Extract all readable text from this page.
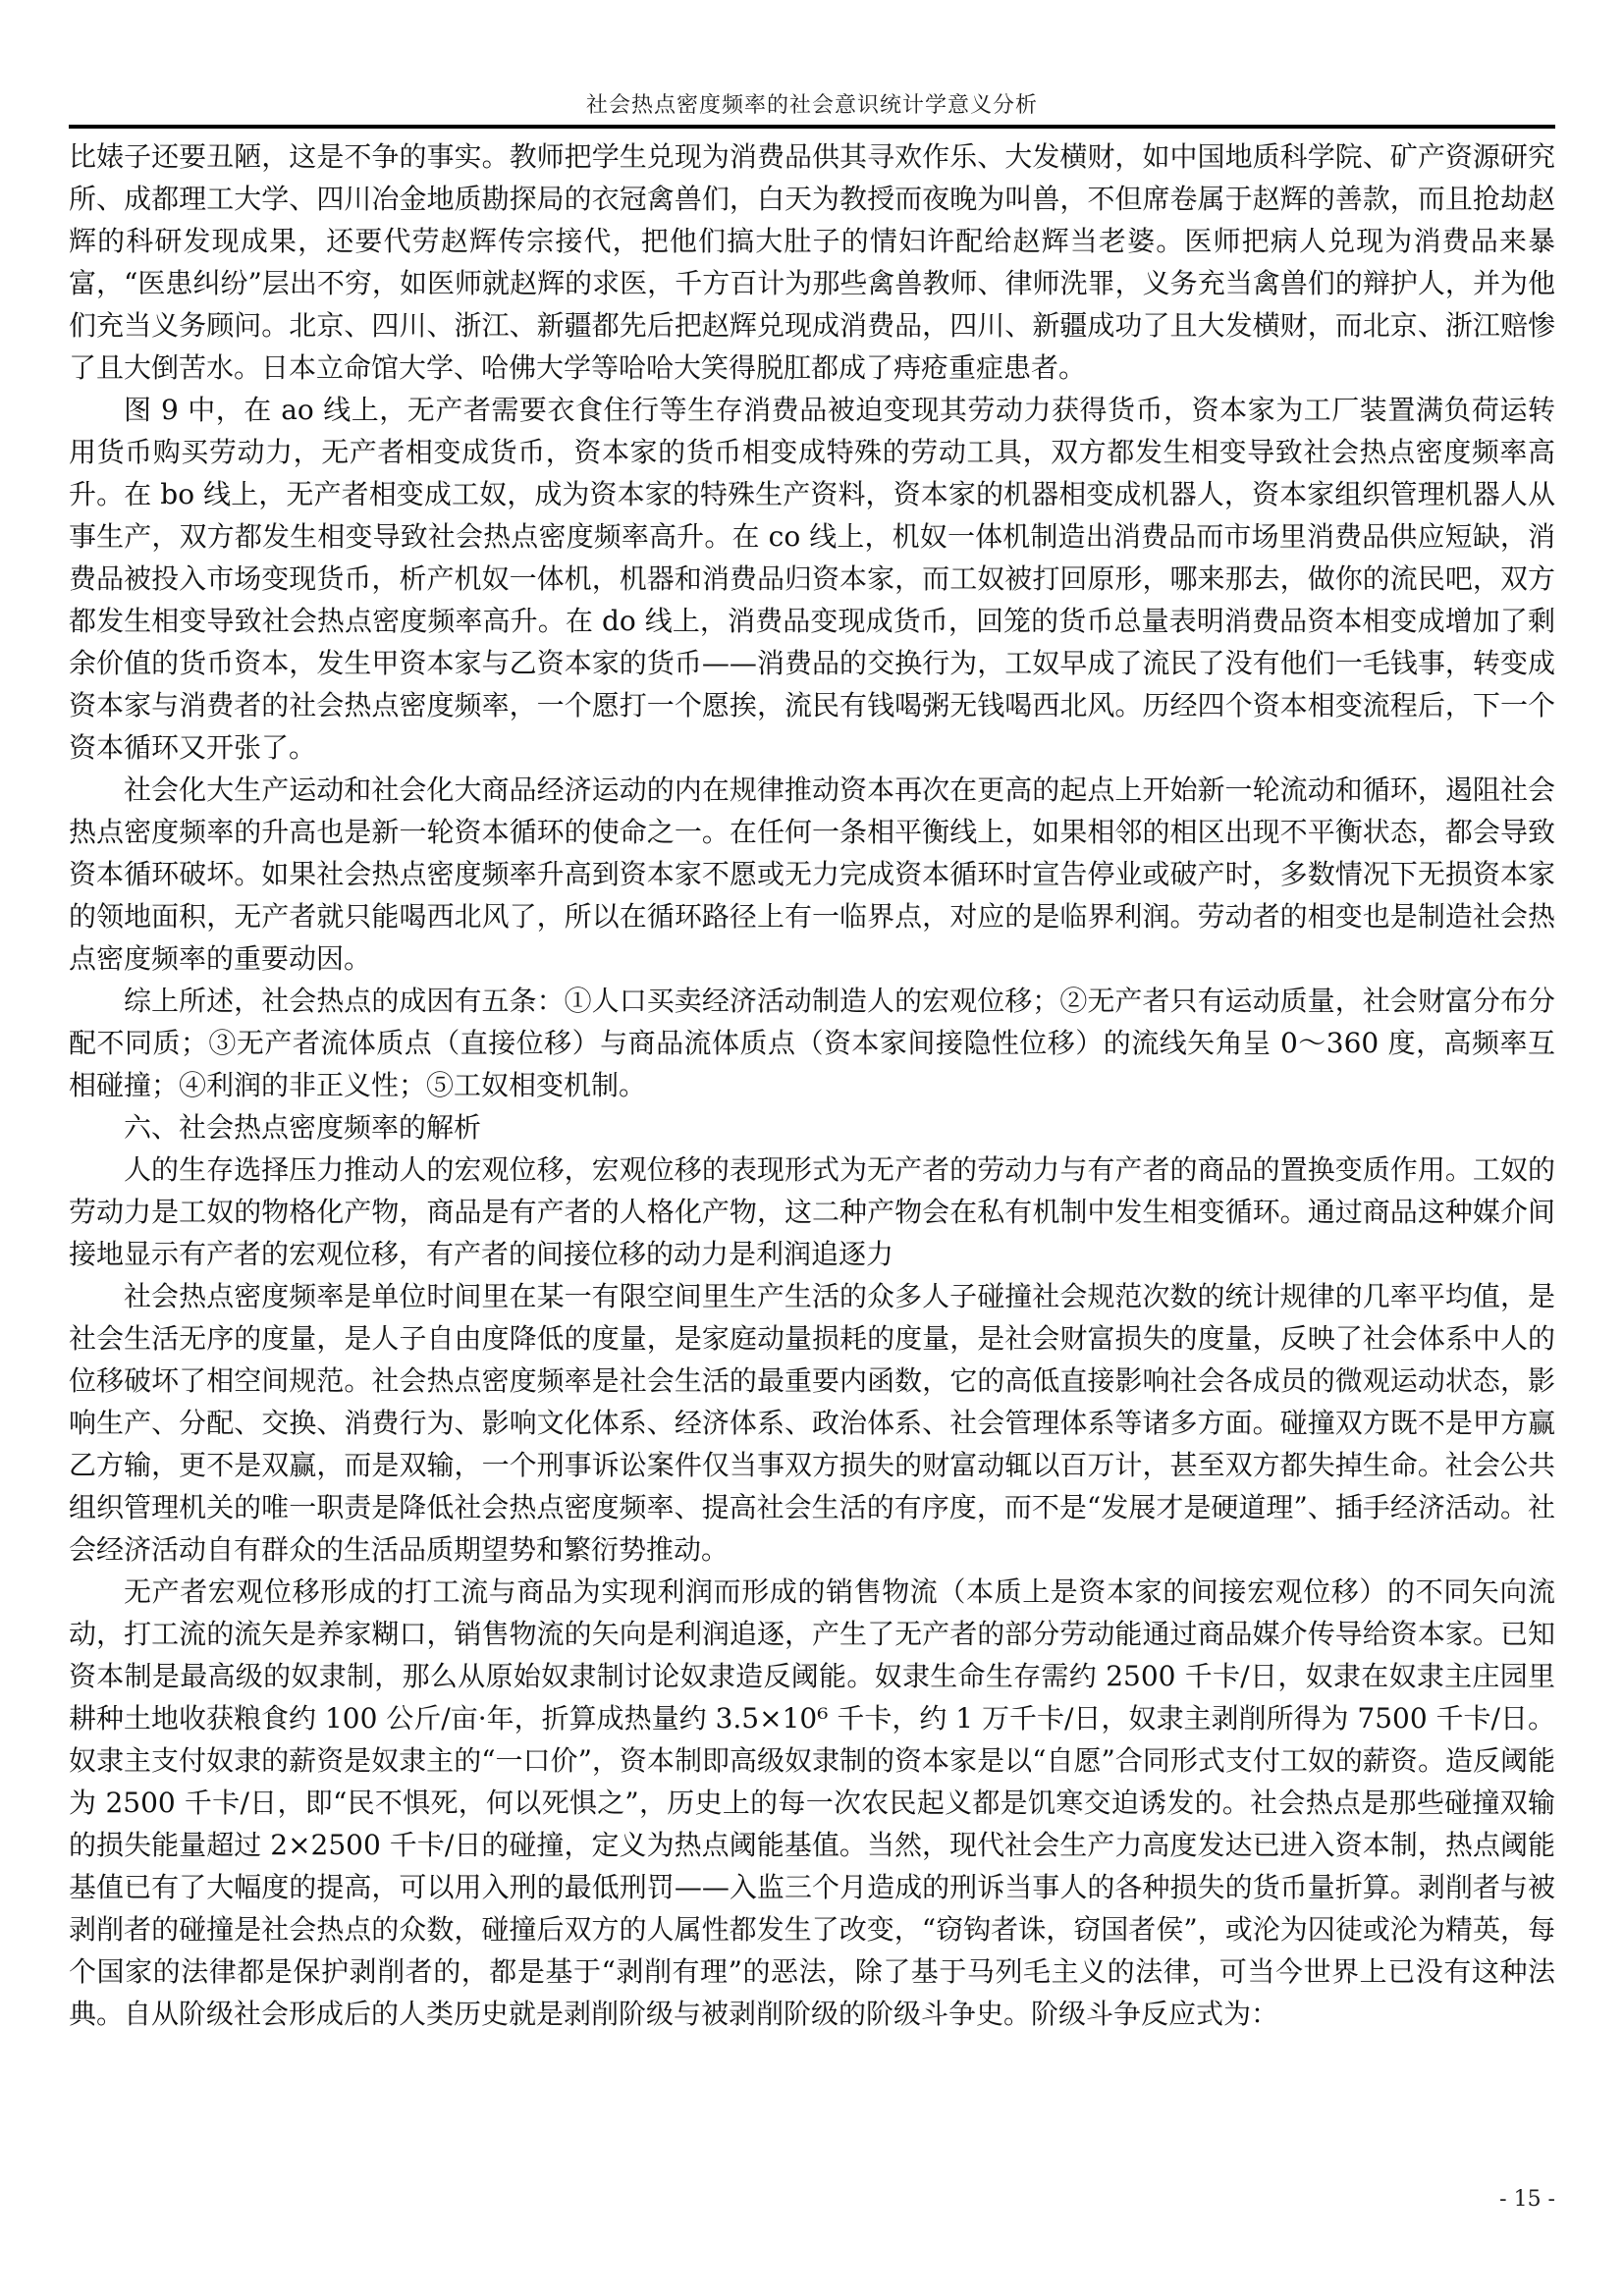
社会热点密度频率的社会意识统计学意义分析

比婊子还要丑陋，这是不争的事实。教师把学生兑现为消费品供其寻欢作乐、大发横财，如中国地质科学院、矿产资源研究所、成都理工大学、四川冶金地质勘探局的衣冠禽兽们，白天为教授而夜晚为叫兽，不但席卷属于赵辉的善款，而且抢劫赵辉的科研发现成果，还要代劳赵辉传宗接代，把他们搞大肚子的情妇许配给赵辉当老婆。医师把病人兑现为消费品来暴富，“医患纠纷”层出不穷，如医师就赵辉的求医，千方百计为那些禽兽教师、律师洗罪，义务充当禽兽们的辩护人，并为他们充当义务顾问。北京、四川、浙江、新疆都先后把赵辉兑现成消费品，四川、新疆成功了且大发横财，而北京、浙江赔惨了且大倒苦水。日本立命馆大学、哈佛大学等哈哈大笑得脱肛都成了痔疮重症患者。

图 9 中，在 ao 线上，无产者需要衣食住行等生存消费品被迫变现其劳动力获得货币，资本家为工厂装置满负荷运转用货币购买劳动力，无产者相变成货币，资本家的货币相变成特殊的劳动工具，双方都发生相变导致社会热点密度频率高升。在 bo 线上，无产者相变成工奴，成为资本家的特殊生产资料，资本家的机器相变成机器人，资本家组织管理机器人从事生产，双方都发生相变导致社会热点密度频率高升。在 co 线上，机奴一体机制造出消费品而市场里消费品供应短缺，消费品被投入市场变现货币，析产机奴一体机，机器和消费品归资本家，而工奴被打回原形，哪来那去，做你的流民吧，双方都发生相变导致社会热点密度频率高升。在 do 线上，消费品变现成货币，回笼的货币总量表明消费品资本相变成增加了剩余价值的货币资本，发生甲资本家与乙资本家的货币——消费品的交换行为，工奴早成了流民了没有他们一毛钱事，转变成资本家与消费者的社会热点密度频率，一个愿打一个愿挨，流民有钱喝粥无钱喝西北风。历经四个资本相变流程后，下一个资本循环又开张了。

社会化大生产运动和社会化大商品经济运动的内在规律推动资本再次在更高的起点上开始新一轮流动和循环，遏阻社会热点密度频率的升高也是新一轮资本循环的使命之一。在任何一条相平衡线上，如果相邻的相区出现不平衡状态，都会导致资本循环破坏。如果社会热点密度频率升高到资本家不愿或无力完成资本循环时宣告停业或破产时，多数情况下无损资本家的领地面积，无产者就只能喝西北风了，所以在循环路径上有一临界点，对应的是临界利润。劳动者的相变也是制造社会热点密度频率的重要动因。

综上所述，社会热点的成因有五条：①人口买卖经济活动制造人的宏观位移；②无产者只有运动质量，社会财富分布分配不同质；③无产者流体质点（直接位移）与商品流体质点（资本家间接隐性位移）的流线矢角呈 0～360 度，高频率互相碰撞；④利润的非正义性；⑤工奴相变机制。

六、社会热点密度频率的解析

人的生存选择压力推动人的宏观位移，宏观位移的表现形式为无产者的劳动力与有产者的商品的置换变质作用。工奴的劳动力是工奴的物格化产物，商品是有产者的人格化产物，这二种产物会在私有机制中发生相变循环。通过商品这种媒介间接地显示有产者的宏观位移，有产者的间接位移的动力是利润追逐力

社会热点密度频率是单位时间里在某一有限空间里生产生活的众多人子碰撞社会规范次数的统计规律的几率平均值，是社会生活无序的度量，是人子自由度降低的度量，是家庭动量损耗的度量，是社会财富损失的度量，反映了社会体系中人的位移破坏了相空间规范。社会热点密度频率是社会生活的最重要内函数，它的高低直接影响社会各成员的微观运动状态，影响生产、分配、交换、消费行为、影响文化体系、经济体系、政治体系、社会管理体系等诸多方面。碰撞双方既不是甲方赢乙方输，更不是双赢，而是双输，一个刑事诉讼案件仅当事双方损失的财富动辄以百万计，甚至双方都失掉生命。社会公共组织管理机关的唯一职责是降低社会热点密度频率、提高社会生活的有序度，而不是“发展才是硬道理”、插手经济活动。社会经济活动自有群众的生活品质期望势和繁衍势推动。

无产者宏观位移形成的打工流与商品为实现利润而形成的销售物流（本质上是资本家的间接宏观位移）的不同矢向流动，打工流的流矢是养家糊口，销售物流的矢向是利润追逐，产生了无产者的部分劳动能通过商品媒介传导给资本家。已知资本制是最高级的奴隶制，那么从原始奴隶制讨论奴隶造反阈能。奴隶生命生存需约 2500 千卡/日，奴隶在奴隶主庄园里耕种土地收获粮食约 100 公斤/亩·年，折算成热量约 3.5×10⁶ 千卡，约 1 万千卡/日，奴隶主剥削所得为 7500 千卡/日。奴隶主支付奴隶的薪资是奴隶主的“一口价”，资本制即高级奴隶制的资本家是以“自愿”合同形式支付工奴的薪资。造反阈能为 2500 千卡/日，即“民不惧死，何以死惧之”，历史上的每一次农民起义都是饥寒交迫诱发的。社会热点是那些碰撞双输的损失能量超过 2×2500 千卡/日的碰撞，定义为热点阈能基值。当然，现代社会生产力高度发达已进入资本制，热点阈能基值已有了大幅度的提高，可以用入刑的最低刑罚——入监三个月造成的刑诉当事人的各种损失的货币量折算。剥削者与被剥削者的碰撞是社会热点的众数，碰撞后双方的人属性都发生了改变，“窃钩者诛，窃国者侯”，或沦为囚徒或沦为精英，每个国家的法律都是保护剥削者的，都是基于“剥削有理”的恶法，除了基于马列毛主义的法律，可当今世界上已没有这种法典。自从阶级社会形成后的人类历史就是剥削阶级与被剥削阶级的阶级斗争史。阶级斗争反应式为：

- 15 -
